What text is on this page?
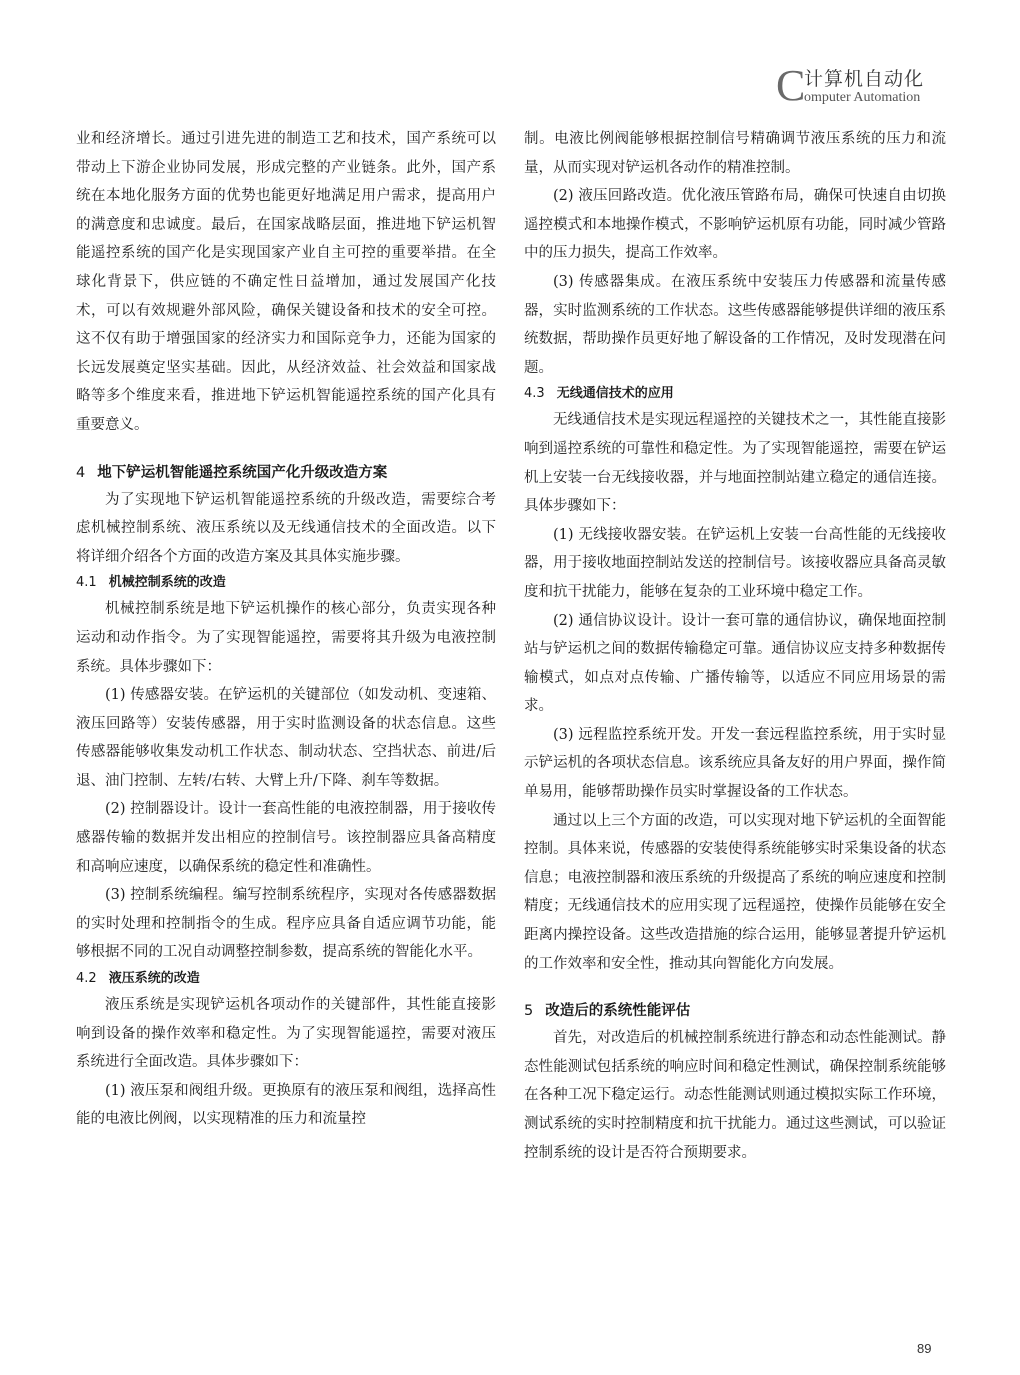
C
计算机自动化
omputer Automation

业和经济增长。通过引进先进的制造工艺和技术，国产系统可以带动上下游企业协同发展，形成完整的产业链条。此外，国产系统在本地化服务方面的优势也能更好地满足用户需求，提高用户的满意度和忠诚度。最后，在国家战略层面，推进地下铲运机智能遥控系统的国产化是实现国家产业自主可控的重要举措。在全球化背景下，供应链的不确定性日益增加，通过发展国产化技术，可以有效规避外部风险，确保关键设备和技术的安全可控。这不仅有助于增强国家的经济实力和国际竞争力，还能为国家的长远发展奠定坚实基础。因此，从经济效益、社会效益和国家战略等多个维度来看，推进地下铲运机智能遥控系统的国产化具有重要意义。

4 地下铲运机智能遥控系统国产化升级改造方案

为了实现地下铲运机智能遥控系统的升级改造，需要综合考虑机械控制系统、液压系统以及无线通信技术的全面改造。以下将详细介绍各个方面的改造方案及其具体实施步骤。

4.1 机械控制系统的改造

机械控制系统是地下铲运机操作的核心部分，负责实现各种运动和动作指令。为了实现智能遥控，需要将其升级为电液控制系统。具体步骤如下：

(1) 传感器安装。在铲运机的关键部位（如发动机、变速箱、液压回路等）安装传感器，用于实时监测设备的状态信息。这些传感器能够收集发动机工作状态、制动状态、空挡状态、前进/后退、油门控制、左转/右转、大臂上升/下降、刹车等数据。

(2) 控制器设计。设计一套高性能的电液控制器，用于接收传感器传输的数据并发出相应的控制信号。该控制器应具备高精度和高响应速度，以确保系统的稳定性和准确性。

(3) 控制系统编程。编写控制系统程序，实现对各传感器数据的实时处理和控制指令的生成。程序应具备自适应调节功能，能够根据不同的工况自动调整控制参数，提高系统的智能化水平。

4.2 液压系统的改造

液压系统是实现铲运机各项动作的关键部件，其性能直接影响到设备的操作效率和稳定性。为了实现智能遥控，需要对液压系统进行全面改造。具体步骤如下：

(1) 液压泵和阀组升级。更换原有的液压泵和阀组，选择高性能的电液比例阀，以实现精准的压力和流量控

制。电液比例阀能够根据控制信号精确调节液压系统的压力和流量，从而实现对铲运机各动作的精准控制。

(2) 液压回路改造。优化液压管路布局，确保可快速自由切换遥控模式和本地操作模式，不影响铲运机原有功能，同时减少管路中的压力损失，提高工作效率。

(3) 传感器集成。在液压系统中安装压力传感器和流量传感器，实时监测系统的工作状态。这些传感器能够提供详细的液压系统数据，帮助操作员更好地了解设备的工作情况，及时发现潜在问题。

4.3 无线通信技术的应用

无线通信技术是实现远程遥控的关键技术之一，其性能直接影响到遥控系统的可靠性和稳定性。为了实现智能遥控，需要在铲运机上安装一台无线接收器，并与地面控制站建立稳定的通信连接。具体步骤如下：

(1) 无线接收器安装。在铲运机上安装一台高性能的无线接收器，用于接收地面控制站发送的控制信号。该接收器应具备高灵敏度和抗干扰能力，能够在复杂的工业环境中稳定工作。

(2) 通信协议设计。设计一套可靠的通信协议，确保地面控制站与铲运机之间的数据传输稳定可靠。通信协议应支持多种数据传输模式，如点对点传输、广播传输等，以适应不同应用场景的需求。

(3) 远程监控系统开发。开发一套远程监控系统，用于实时显示铲运机的各项状态信息。该系统应具备友好的用户界面，操作简单易用，能够帮助操作员实时掌握设备的工作状态。

通过以上三个方面的改造，可以实现对地下铲运机的全面智能控制。具体来说，传感器的安装使得系统能够实时采集设备的状态信息；电液控制器和液压系统的升级提高了系统的响应速度和控制精度；无线通信技术的应用实现了远程遥控，使操作员能够在安全距离内操控设备。这些改造措施的综合运用，能够显著提升铲运机的工作效率和安全性，推动其向智能化方向发展。

5 改造后的系统性能评估

首先，对改造后的机械控制系统进行静态和动态性能测试。静态性能测试包括系统的响应时间和稳定性测试，确保控制系统能够在各种工况下稳定运行。动态性能测试则通过模拟实际工作环境，测试系统的实时控制精度和抗干扰能力。通过这些测试，可以验证控制系统的设计是否符合预期要求。

89
